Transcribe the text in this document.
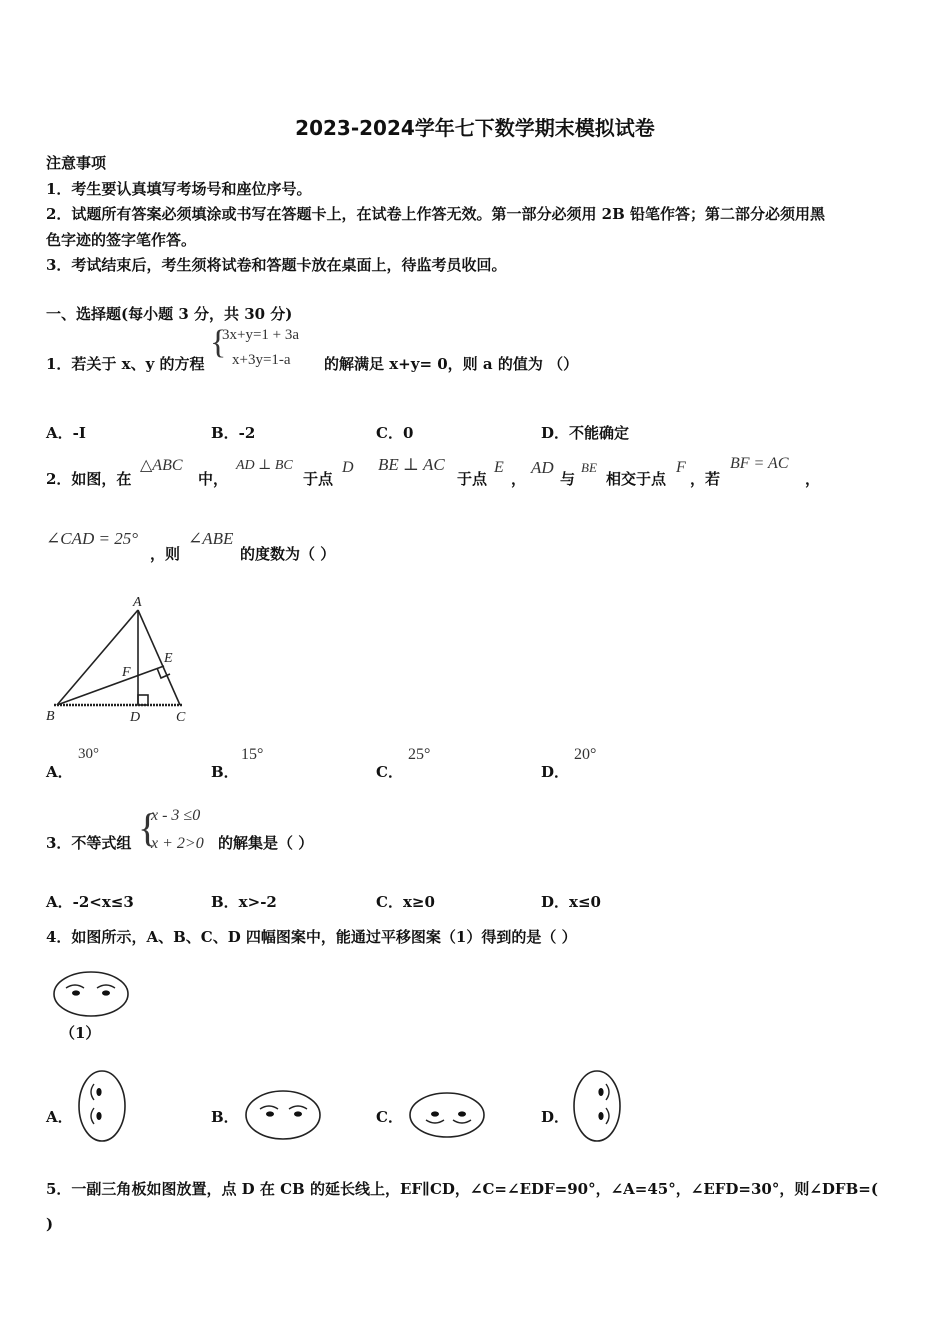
2023-2024学年七下数学期末模拟试卷
注意事项
1．考生要认真填写考场号和座位序号。
2．试题所有答案必须填涂或书写在答题卡上，在试卷上作答无效。第一部分必须用 2B 铅笔作答；第二部分必须用黑
色字迹的签字笔作答。
3．考试结束后，考生须将试卷和答题卡放在桌面上，待监考员收回。
一、选择题(每小题 3 分，共 30 分)
1．若关于 x、y 的方程
{
3x+y=1 + 3a
x+3y=1-a 的解满足 x+y= 0，则 a 的值为 （）
A．-I	B．-2	C．0	D．不能确定
2．如图，在
△ABC
中，
AD ⊥ BC
于点
D BE ⊥ AC
于点
E
，
AD
与
BE
相交于点
F
，若
BF = AC
，
∠CAD = 25°
，则
∠ABE
的度数为（ ）
A
B	C
D
E
F
A．
30°
B．
15°
C．
25°
D．
20°
3．不等式组 {
x - 3 ≤0
x + 2>0 的解集是（ ）
A．-2<x≤3	B．x>-2	C．x≥0	D．x≤0
4．如图所示，A、B、C、D 四幅图案中，能通过平移图案（1）得到的是（ ）
（1）
A．	B．	C．	D．
5．一副三角板如图放置，点 D 在 CB 的延长线上，EF∥CD，∠C=∠EDF=90°，∠A=45°，∠EFD=30°，则∠DFB=(
)
